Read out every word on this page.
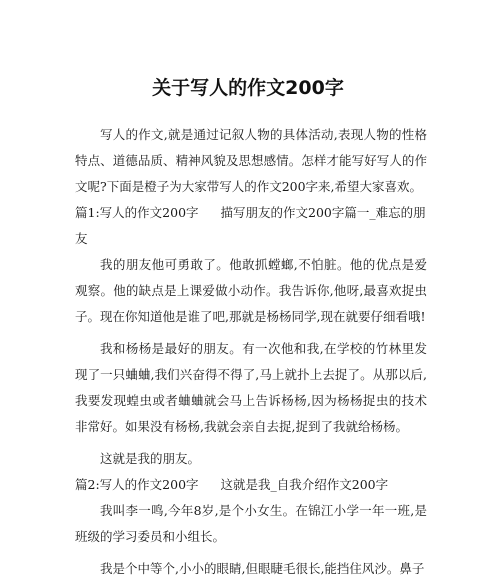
关于写人的作文200字

写人的作文,就是通过记叙人物的具体活动,表现人物的性格特点、道德品质、精神风貌及思想感情。怎样才能写好写人的作文呢?下面是橙子为大家带写人的作文200字来,希望大家喜欢。

篇1:写人的作文200字 描写朋友的作文200字篇一_难忘的朋友

我的朋友他可勇敢了。他敢抓螳螂,不怕脏。他的优点是爱观察。他的缺点是上课爱做小动作。我告诉你,他呀,最喜欢捉虫子。现在你知道他是谁了吧,那就是杨杨同学,现在就要仔细看哦!

我和杨杨是最好的朋友。有一次他和我,在学校的竹林里发现了一只蛐蛐,我们兴奋得不得了,马上就扑上去捉了。从那以后,我要发现蝗虫或者蛐蛐就会马上告诉杨杨,因为杨杨捉虫的技术非常好。如果没有杨杨,我就会亲自去捉,捉到了我就给杨杨。

这就是我的朋友。

篇2:写人的作文200字 这就是我_自我介绍作文200字

我叫李一鸣,今年8岁,是个小女生。在锦江小学一年一班,是班级的学习委员和小组长。

我是个中等个,小小的眼睛,但眼睫毛很长,能挡住风沙。鼻子
